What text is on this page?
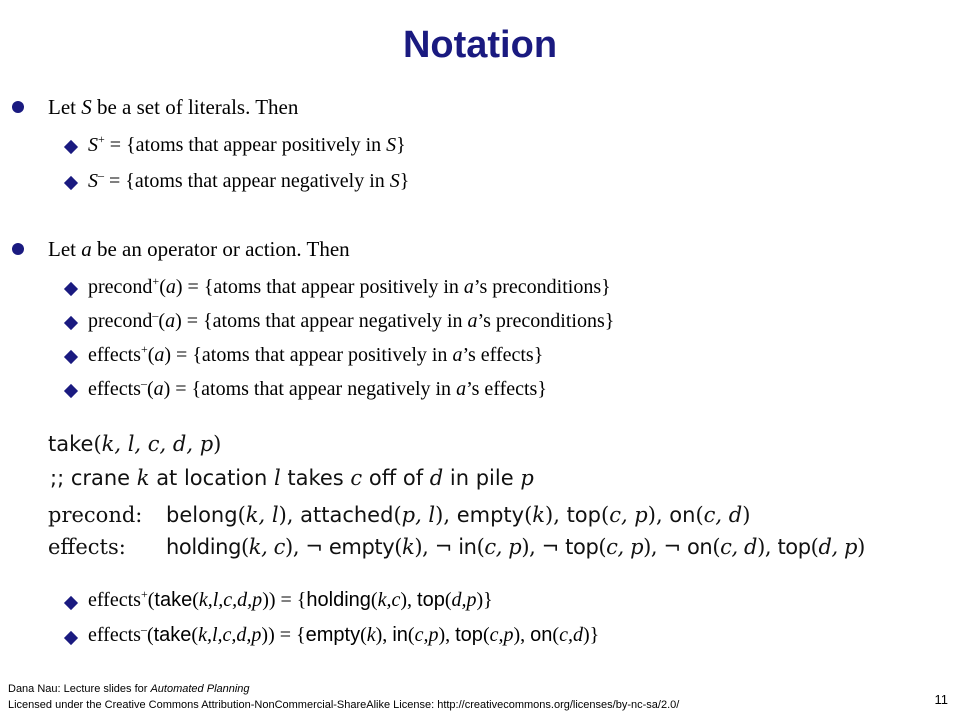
Notation
Let S be a set of literals. Then
S+ = {atoms that appear positively in S}
S– = {atoms that appear negatively in S}
Let a be an operator or action. Then
precond+(a) = {atoms that appear positively in a’s preconditions}
precond–(a) = {atoms that appear negatively in a’s preconditions}
effects+(a) = {atoms that appear positively in a’s effects}
effects–(a) = {atoms that appear negatively in a’s effects}
take(k, l, c, d, p)
;; crane k at location l takes c off of d in pile p
precond: belong(k, l), attached(p, l), empty(k), top(c, p), on(c, d)
effects: holding(k, c), ¬ empty(k), ¬ in(c, p), ¬ top(c, p), ¬ on(c, d), top(d, p)
effects+(take(k,l,c,d,p)) = {holding(k,c), top(d,p)}
effects–(take(k,l,c,d,p)) = {empty(k), in(c,p), top(c,p), on(c,d)}
Dana Nau: Lecture slides for Automated Planning
Licensed under the Creative Commons Attribution-NonCommercial-ShareAlike License: http://creativecommons.org/licenses/by-nc-sa/2.0/	11
